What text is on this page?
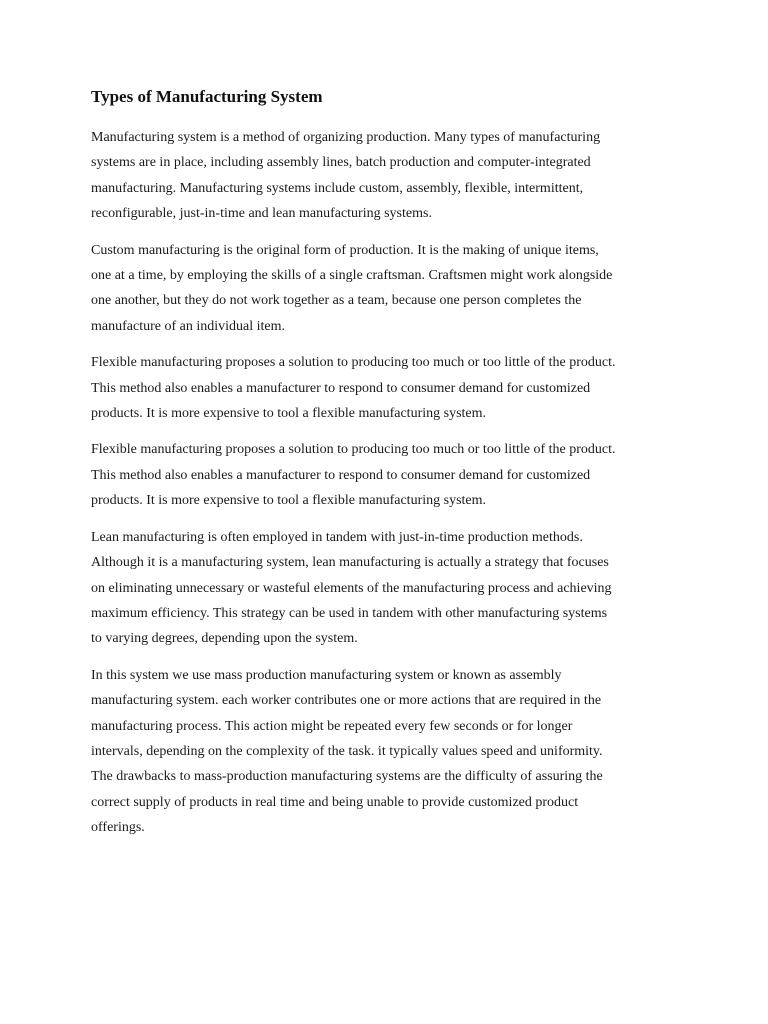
Types of Manufacturing System

Manufacturing system is a method of organizing production. Many types of manufacturing
systems are in place, including assembly lines, batch production and computer-integrated
manufacturing. Manufacturing systems include custom, assembly, flexible, intermittent,
reconfigurable, just-in-time and lean manufacturing systems.

Custom manufacturing is the original form of production. It is the making of unique items,
one at a time, by employing the skills of a single craftsman. Craftsmen might work alongside
one another, but they do not work together as a team, because one person completes the
manufacture of an individual item.

Flexible manufacturing proposes a solution to producing too much or too little of the product.
This method also enables a manufacturer to respond to consumer demand for customized
products. It is more expensive to tool a flexible manufacturing system.

Flexible manufacturing proposes a solution to producing too much or too little of the product.
This method also enables a manufacturer to respond to consumer demand for customized
products. It is more expensive to tool a flexible manufacturing system.

Lean manufacturing is often employed in tandem with just-in-time production methods.
Although it is a manufacturing system, lean manufacturing is actually a strategy that focuses
on eliminating unnecessary or wasteful elements of the manufacturing process and achieving
maximum efficiency. This strategy can be used in tandem with other manufacturing systems
to varying degrees, depending upon the system.

In this system we use mass production manufacturing system or known as assembly
manufacturing system. each worker contributes one or more actions that are required in the
manufacturing process. This action might be repeated every few seconds or for longer
intervals, depending on the complexity of the task. it typically values speed and uniformity.
The drawbacks to mass-production manufacturing systems are the difficulty of assuring the
correct supply of products in real time and being unable to provide customized product
offerings.
